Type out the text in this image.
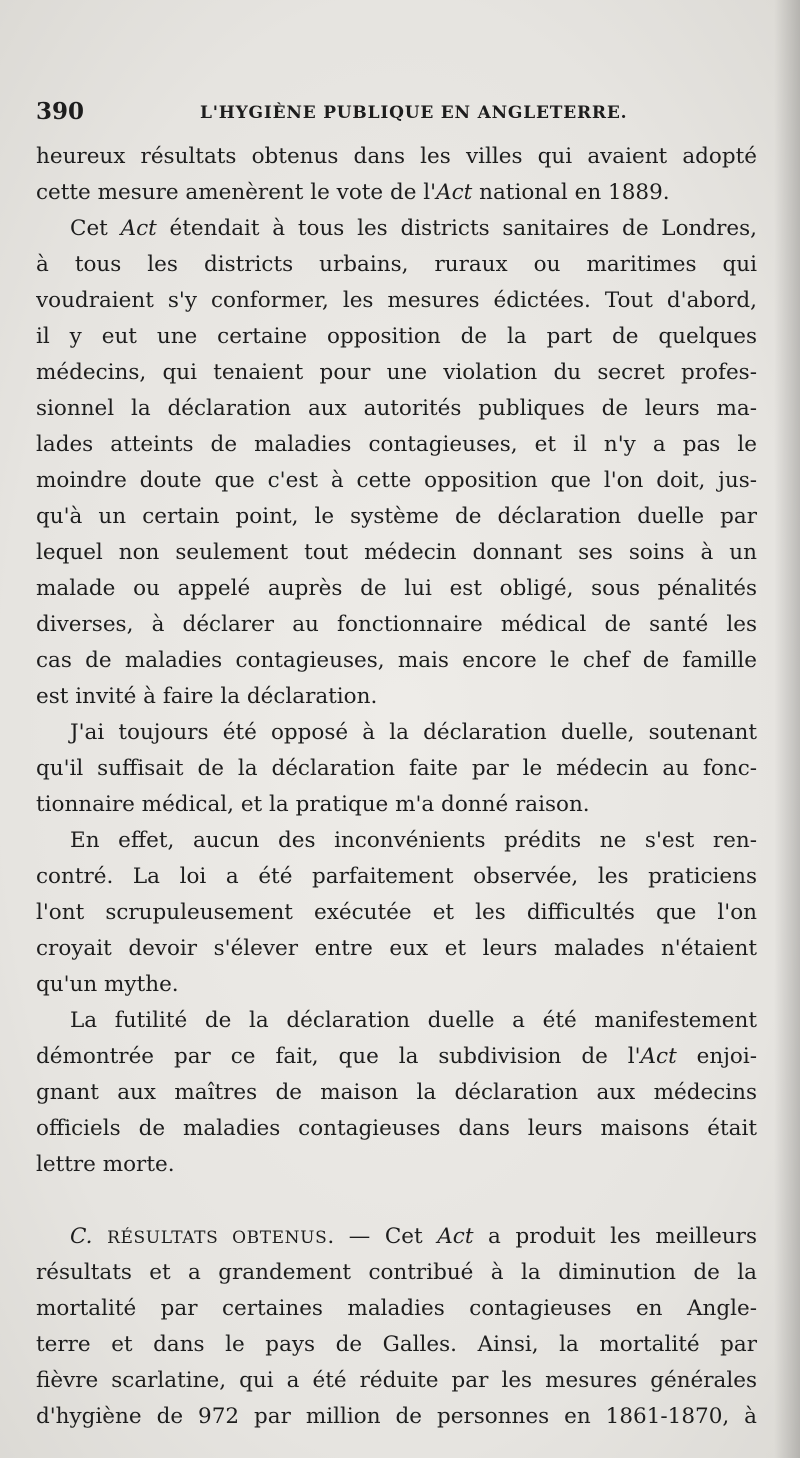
390	L'HYGIÈNE PUBLIQUE EN ANGLETERRE.
heureux résultats obtenus dans les villes qui avaient adopté
cette mesure amenèrent le vote de l'Act national en 1889.
Cet Act étendait à tous les districts sanitaires de Londres,
à tous les districts urbains, ruraux ou maritimes qui
voudraient s'y conformer, les mesures édictées. Tout d'abord,
il y eut une certaine opposition de la part de quelques
médecins, qui tenaient pour une violation du secret profes-
sionnel la déclaration aux autorités publiques de leurs ma-
lades atteints de maladies contagieuses, et il n'y a pas le
moindre doute que c'est à cette opposition que l'on doit, jus-
qu'à un certain point, le système de déclaration duelle par
lequel non seulement tout médecin donnant ses soins à un
malade ou appelé auprès de lui est obligé, sous pénalités
diverses, à déclarer au fonctionnaire médical de santé les
cas de maladies contagieuses, mais encore le chef de famille
est invité à faire la déclaration.
J'ai toujours été opposé à la déclaration duelle, soutenant
qu'il suffisait de la déclaration faite par le médecin au fonc-
tionnaire médical, et la pratique m'a donné raison.
En effet, aucun des inconvénients prédits ne s'est ren-
contré. La loi a été parfaitement observée, les praticiens
l'ont scrupuleusement exécutée et les difficultés que l'on
croyait devoir s'élever entre eux et leurs malades n'étaient
qu'un mythe.
La futilité de la déclaration duelle a été manifestement
démontrée par ce fait, que la subdivision de l'Act enjoi-
gnant aux maîtres de maison la déclaration aux médecins
officiels de maladies contagieuses dans leurs maisons était
lettre morte.
C. RÉSULTATS OBTENUS. — Cet Act a produit les meilleurs
résultats et a grandement contribué à la diminution de la
mortalité par certaines maladies contagieuses en Angle-
terre et dans le pays de Galles. Ainsi, la mortalité par
fièvre scarlatine, qui a été réduite par les mesures générales
d'hygiène de 972 par million de personnes en 1861-1870, à
